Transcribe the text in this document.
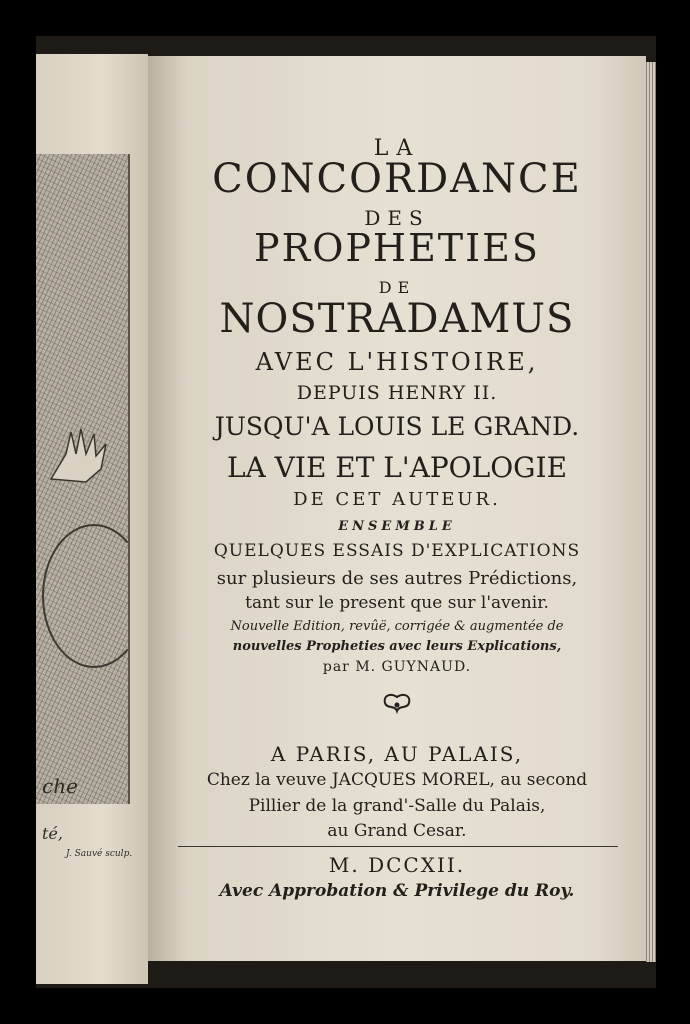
che
té,
J. Sauvé sculp.
LA
CONCORDANCE
DES
PROPHETIES
DE
NOSTRADAMUS
AVEC L'HISTOIRE,
DEPUIS HENRY II.
JUSQU'A LOUIS LE GRAND.
LA VIE ET L'APOLOGIE
DE CET AUTEUR.
ENSEMBLE
QUELQUES ESSAIS D'EXPLICATIONS
sur plusieurs de ses autres Prédictions,
tant sur le present que sur l'avenir.
Nouvelle Edition, revûë, corrigée & augmentée de
nouvelles Propheties avec leurs Explications,
par M. GUYNAUD.
A PARIS, AU PALAIS,
Chez la veuve JACQUES MOREL, au second
Pillier de la grand'-Salle du Palais,
au Grand Cesar.
M. DCCXII.
Avec Approbation & Privilege du Roy.
